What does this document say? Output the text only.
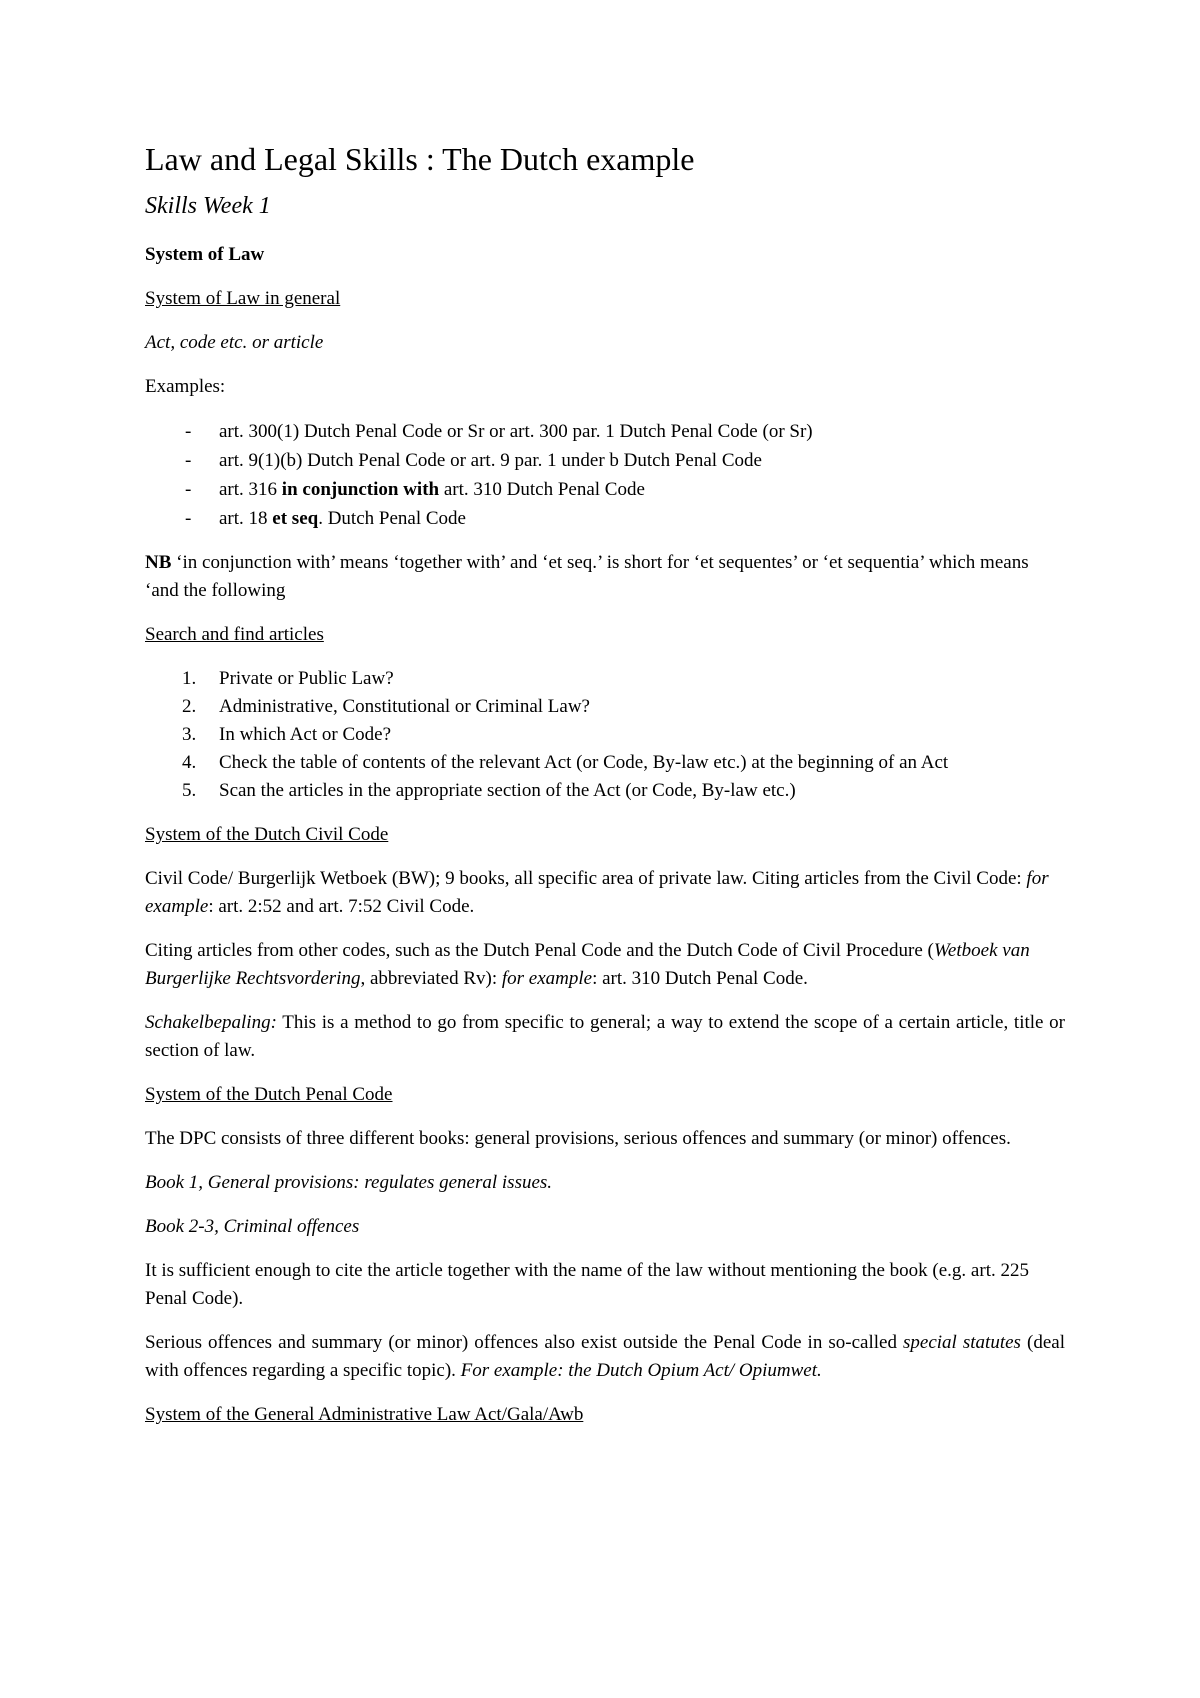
Law and Legal Skills : The Dutch example
Skills Week 1

System of Law

System of Law in general

Act, code etc. or article

Examples:

- art. 300(1) Dutch Penal Code or Sr or art. 300 par. 1 Dutch Penal Code (or Sr)
- art. 9(1)(b) Dutch Penal Code or art. 9 par. 1 under b Dutch Penal Code
- art. 316 in conjunction with art. 310 Dutch Penal Code
- art. 18 et seq. Dutch Penal Code

NB ‘in conjunction with’ means ‘together with’ and ‘et seq.’ is short for ‘et sequentes’ or ‘et sequentia’ which means ‘and the following

Search and find articles

1. Private or Public Law?
2. Administrative, Constitutional or Criminal Law?
3. In which Act or Code?
4. Check the table of contents of the relevant Act (or Code, By-law etc.) at the beginning of an Act
5. Scan the articles in the appropriate section of the Act (or Code, By-law etc.)

System of the Dutch Civil Code

Civil Code/ Burgerlijk Wetboek (BW); 9 books, all specific area of private law. Citing articles from the Civil Code: for example: art. 2:52 and art. 7:52 Civil Code.

Citing articles from other codes, such as the Dutch Penal Code and the Dutch Code of Civil Procedure (Wetboek van Burgerlijke Rechtsvordering, abbreviated Rv): for example: art. 310 Dutch Penal Code.

Schakelbepaling: This is a method to go from specific to general; a way to extend the scope of a certain article, title or section of law.

System of the Dutch Penal Code

The DPC consists of three different books: general provisions, serious offences and summary (or minor) offences.

Book 1, General provisions: regulates general issues.

Book 2-3, Criminal offences

It is sufficient enough to cite the article together with the name of the law without mentioning the book (e.g. art. 225 Penal Code).

Serious offences and summary (or minor) offences also exist outside the Penal Code in so-called special statutes (deal with offences regarding a specific topic). For example: the Dutch Opium Act/ Opiumwet.

System of the General Administrative Law Act/Gala/Awb
